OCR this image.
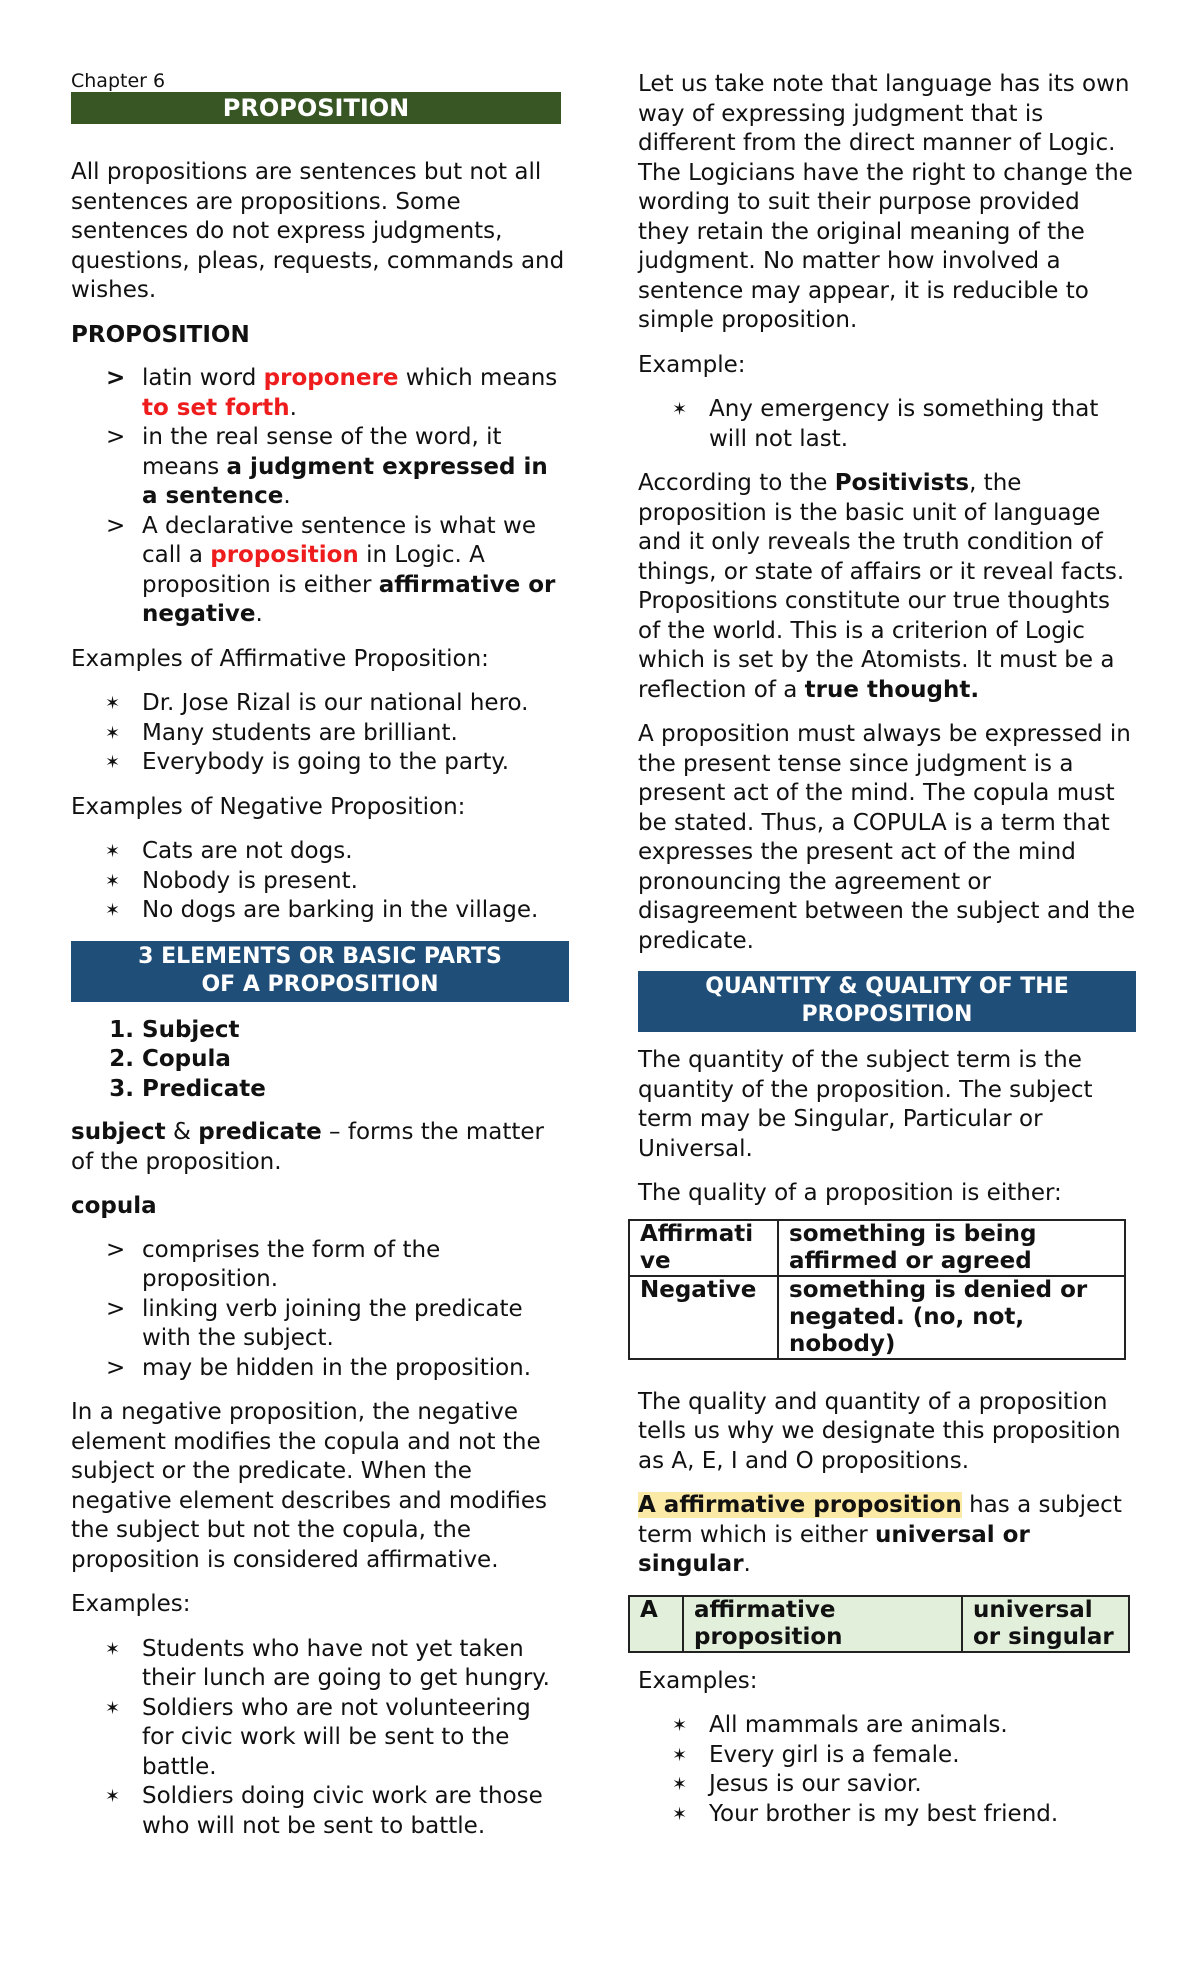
Chapter 6
PROPOSITION

All propositions are sentences but not all sentences are propositions. Some sentences do not express judgments, questions, pleas, requests, commands and wishes.

PROPOSITION
> latin word proponere which means to set forth.
> in the real sense of the word, it means a judgment expressed in a sentence.
> A declarative sentence is what we call a proposition in Logic. A proposition is either affirmative or negative.

Examples of Affirmative Proposition:

✶ Dr. Jose Rizal is our national hero.
✶ Many students are brilliant.
✶ Everybody is going to the party.

Examples of Negative Proposition:

✶ Cats are not dogs.
✶ Nobody is present.
✶ No dogs are barking in the village.
3 ELEMENTS OR BASIC PARTS
OF A PROPOSITION
1. Subject
2. Copula
3. Predicate

subject & predicate – forms the matter of the proposition.

copula
> comprises the form of the proposition.
> linking verb joining the predicate with the subject.
> may be hidden in the proposition.

In a negative proposition, the negative element modifies the copula and not the subject or the predicate. When the negative element describes and modifies the subject but not the copula, the proposition is considered affirmative.

Examples:

✶ Students who have not yet taken their lunch are going to get hungry.
✶ Soldiers who are not volunteering for civic work will be sent to the battle.
✶ Soldiers doing civic work are those who will not be sent to battle.

Let us take note that language has its own way of expressing judgment that is different from the direct manner of Logic. The Logicians have the right to change the wording to suit their purpose provided they retain the original meaning of the judgment. No matter how involved a sentence may appear, it is reducible to simple proposition.

Example:

✶ Any emergency is something that will not last.

According to the Positivists, the proposition is the basic unit of language and it only reveals the truth condition of things, or state of affairs or it reveal facts. Propositions constitute our true thoughts of the world. This is a criterion of Logic which is set by the Atomists. It must be a reflection of a true thought.

A proposition must always be expressed in the present tense since judgment is a present act of the mind. The copula must be stated. Thus, a COPULA is a term that expresses the present act of the mind pronouncing the agreement or disagreement between the subject and the predicate.

QUANTITY & QUALITY OF THE PROPOSITION

The quantity of the subject term is the quantity of the proposition. The subject term may be Singular, Particular or Universal.

The quality of a proposition is either:

Affirmative	something is being affirmed or agreed
Negative	something is denied or negated. (no, not, nobody)

The quality and quantity of a proposition tells us why we designate this proposition as A, E, I and O propositions.

A affirmative proposition has a subject term which is either universal or singular.

A	affirmative proposition	universal or singular

Examples:

✶ All mammals are animals.
✶ Every girl is a female.
✶ Jesus is our savior.
✶ Your brother is my best friend.
